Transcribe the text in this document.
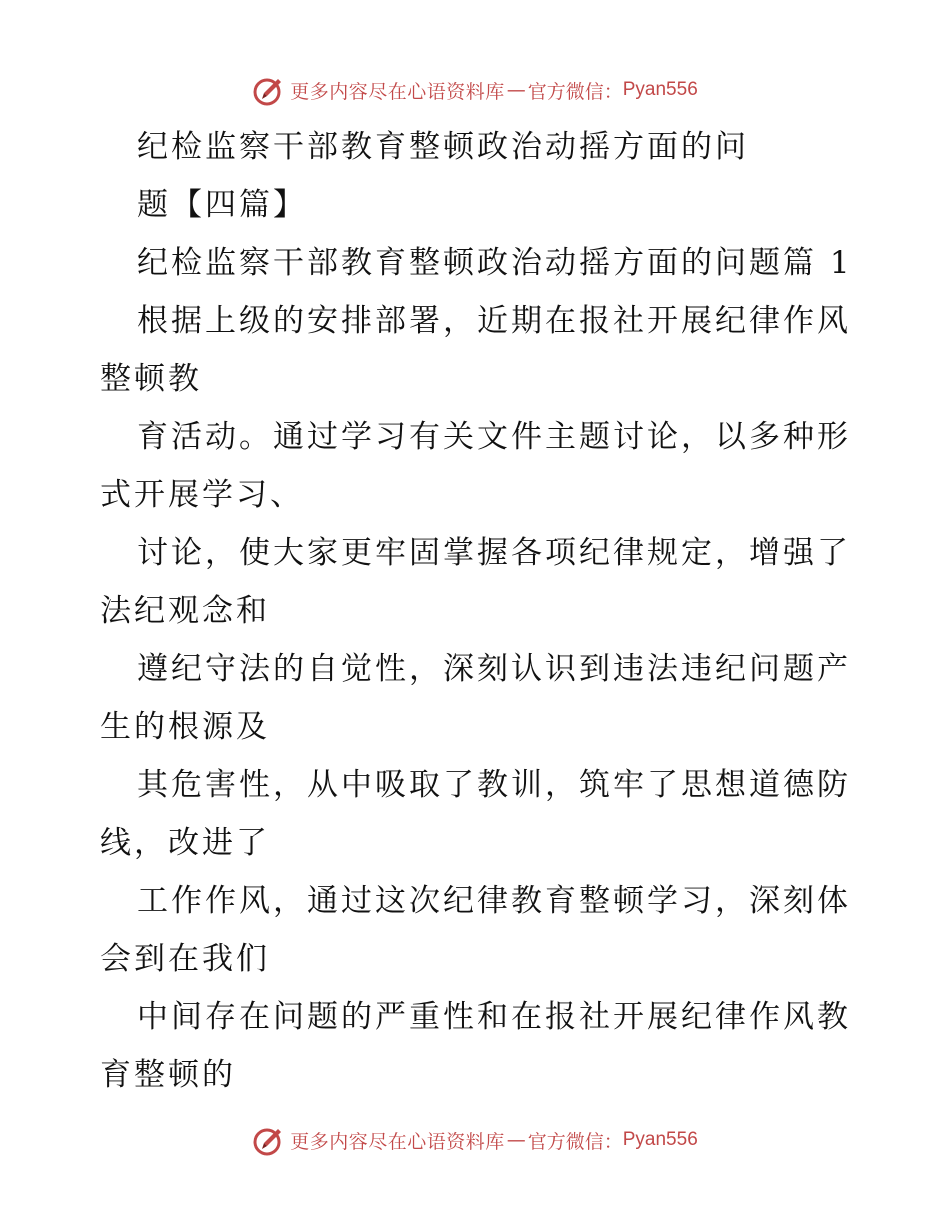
更多内容尽在心语资料库 — 官方微信： Pyan556
纪检监察干部教育整顿政治动摇方面的问
题【四篇】
纪检监察干部教育整顿政治动摇方面的问题篇 1
根据上级的安排部署，近期在报社开展纪律作风
整顿教
育活动。通过学习有关文件主题讨论，以多种形
式开展学习、
讨论，使大家更牢固掌握各项纪律规定，增强了
法纪观念和
遵纪守法的自觉性，深刻认识到违法违纪问题产
生的根源及
其危害性，从中吸取了教训，筑牢了思想道德防
线，改进了
工作作风，通过这次纪律教育整顿学习，深刻体
会到在我们
中间存在问题的严重性和在报社开展纪律作风教
育整顿的
更多内容尽在心语资料库 — 官方微信： Pyan556
